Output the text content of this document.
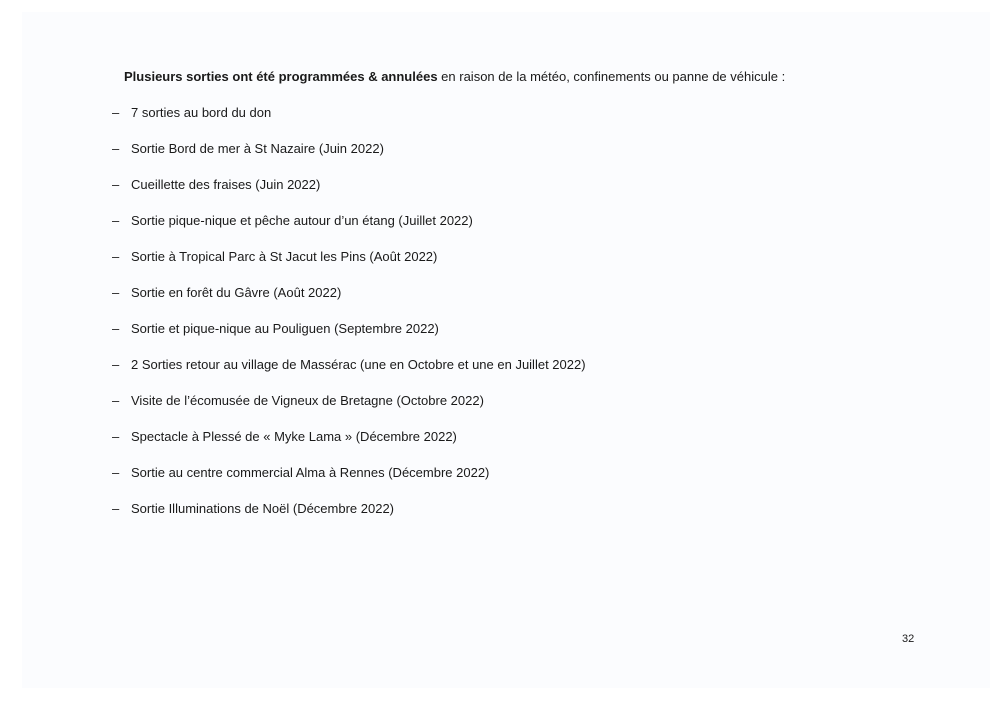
Plusieurs sorties ont été programmées & annulées en raison de la météo, confinements ou panne de véhicule :

– 7 sorties au bord du don
– Sortie Bord de mer à St Nazaire (Juin 2022)
– Cueillette des fraises (Juin 2022)
– Sortie pique-nique et pêche autour d’un étang (Juillet 2022)
– Sortie à Tropical Parc à St Jacut les Pins (Août 2022)
– Sortie en forêt du Gâvre (Août 2022)
– Sortie et pique-nique au Pouliguen (Septembre 2022)
– 2 Sorties retour au village de Massérac (une en Octobre et une en Juillet 2022)
– Visite de l’écomusée de Vigneux de Bretagne (Octobre 2022)
– Spectacle à Plessé de « Myke Lama » (Décembre 2022)
– Sortie au centre commercial Alma à Rennes (Décembre 2022)
– Sortie Illuminations de Noël (Décembre 2022)
32
